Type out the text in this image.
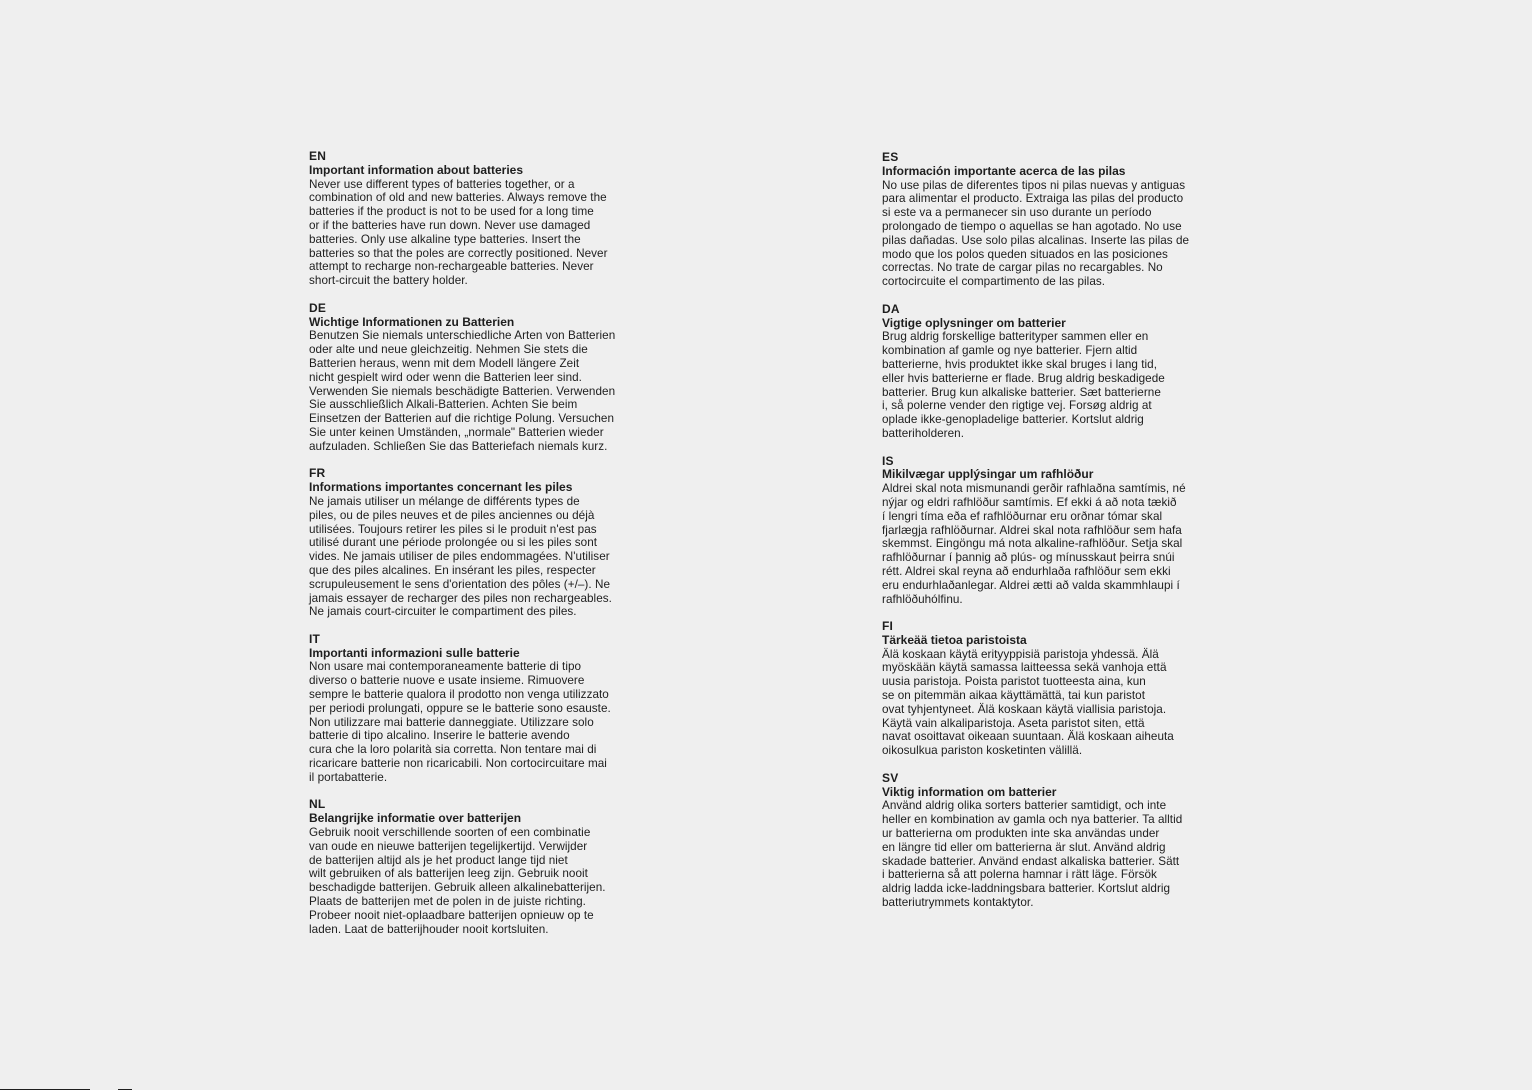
EN
Important information about batteries
Never use different types of batteries together, or a
combination of old and new batteries. Always remove the
batteries if the product is not to be used for a long time
or if the batteries have run down. Never use damaged
batteries. Only use alkaline type batteries. Insert the
batteries so that the poles are correctly positioned. Never
attempt to recharge non-rechargeable batteries. Never
short-circuit the battery holder.
DE
Wichtige Informationen zu Batterien
Benutzen Sie niemals unterschiedliche Arten von Batterien
oder alte und neue gleichzeitig. Nehmen Sie stets die
Batterien heraus, wenn mit dem Modell längere Zeit
nicht gespielt wird oder wenn die Batterien leer sind.
Verwenden Sie niemals beschädigte Batterien. Verwenden
Sie ausschließlich Alkali-Batterien. Achten Sie beim
Einsetzen der Batterien auf die richtige Polung. Versuchen
Sie unter keinen Umständen, „normale" Batterien wieder
aufzuladen. Schließen Sie das Batteriefach niemals kurz.
FR
Informations importantes concernant les piles
Ne jamais utiliser un mélange de différents types de
piles, ou de piles neuves et de piles anciennes ou déjà
utilisées. Toujours retirer les piles si le produit n'est pas
utilisé durant une période prolongée ou si les piles sont
vides. Ne jamais utiliser de piles endommagées. N'utiliser
que des piles alcalines. En insérant les piles, respecter
scrupuleusement le sens d'orientation des pôles (+/–). Ne
jamais essayer de recharger des piles non rechargeables.
Ne jamais court-circuiter le compartiment des piles.
IT
Importanti informazioni sulle batterie
Non usare mai contemporaneamente batterie di tipo
diverso o batterie nuove e usate insieme. Rimuovere
sempre le batterie qualora il prodotto non venga utilizzato
per periodi prolungati, oppure se le batterie sono esauste.
Non utilizzare mai batterie danneggiate. Utilizzare solo
batterie di tipo alcalino. Inserire le batterie avendo
cura che la loro polarità sia corretta. Non tentare mai di
ricaricare batterie non ricaricabili. Non cortocircuitare mai
il portabatterie.
NL
Belangrijke informatie over batterijen
Gebruik nooit verschillende soorten of een combinatie
van oude en nieuwe batterijen tegelijkertijd. Verwijder
de batterijen altijd als je het product lange tijd niet
wilt gebruiken of als batterijen leeg zijn. Gebruik nooit
beschadigde batterijen. Gebruik alleen alkalinebatterijen.
Plaats de batterijen met de polen in de juiste richting.
Probeer nooit niet-oplaadbare batterijen opnieuw op te
laden. Laat de batterijhouder nooit kortsluiten.
ES
Información importante acerca de las pilas
No use pilas de diferentes tipos ni pilas nuevas y antiguas
para alimentar el producto. Extraiga las pilas del producto
si este va a permanecer sin uso durante un período
prolongado de tiempo o aquellas se han agotado. No use
pilas dañadas. Use solo pilas alcalinas. Inserte las pilas de
modo que los polos queden situados en las posiciones
correctas. No trate de cargar pilas no recargables. No
cortocircuite el compartimento de las pilas.
DA
Vigtige oplysninger om batterier
Brug aldrig forskellige batterityper sammen eller en
kombination af gamle og nye batterier. Fjern altid
batterierne, hvis produktet ikke skal bruges i lang tid,
eller hvis batterierne er flade. Brug aldrig beskadigede
batterier. Brug kun alkaliske batterier. Sæt batterierne
i, så polerne vender den rigtige vej. Forsøg aldrig at
oplade ikke-genopladelige batterier. Kortslut aldrig
batteriholderen.
IS
Mikilvægar upplýsingar um rafhlöður
Aldrei skal nota mismunandi gerðir rafhlaðna samtímis, né
nýjar og eldri rafhlöður samtímis. Ef ekki á að nota tækið
í lengri tíma eða ef rafhlöðurnar eru orðnar tómar skal
fjarlægja rafhlöðurnar. Aldrei skal nota rafhlöður sem hafa
skemmst. Eingöngu má nota alkaline-rafhlöður. Setja skal
rafhlöðurnar í þannig að plús- og mínusskaut þeirra snúi
rétt. Aldrei skal reyna að endurhlaða rafhlöður sem ekki
eru endurhlaðanlegar. Aldrei ætti að valda skammhlaupi í
rafhlöðuhólfinu.
FI
Tärkeää tietoa paristoista
Älä koskaan käytä erityyppisiä paristoja yhdessä. Älä
myöskään käytä samassa laitteessa sekä vanhoja että
uusia paristoja. Poista paristot tuotteesta aina, kun
se on pitemmän aikaa käyttämättä, tai kun paristot
ovat tyhjentyneet. Älä koskaan käytä viallisia paristoja.
Käytä vain alkaliparistoja. Aseta paristot siten, että
navat osoittavat oikeaan suuntaan. Älä koskaan aiheuta
oikosulkua pariston kosketinten välillä.
SV
Viktig information om batterier
Använd aldrig olika sorters batterier samtidigt, och inte
heller en kombination av gamla och nya batterier. Ta alltid
ur batterierna om produkten inte ska användas under
en längre tid eller om batterierna är slut. Använd aldrig
skadade batterier. Använd endast alkaliska batterier. Sätt
i batterierna så att polerna hamnar i rätt läge. Försök
aldrig ladda icke-laddningsbara batterier. Kortslut aldrig
batteriutrymmets kontaktytor.
